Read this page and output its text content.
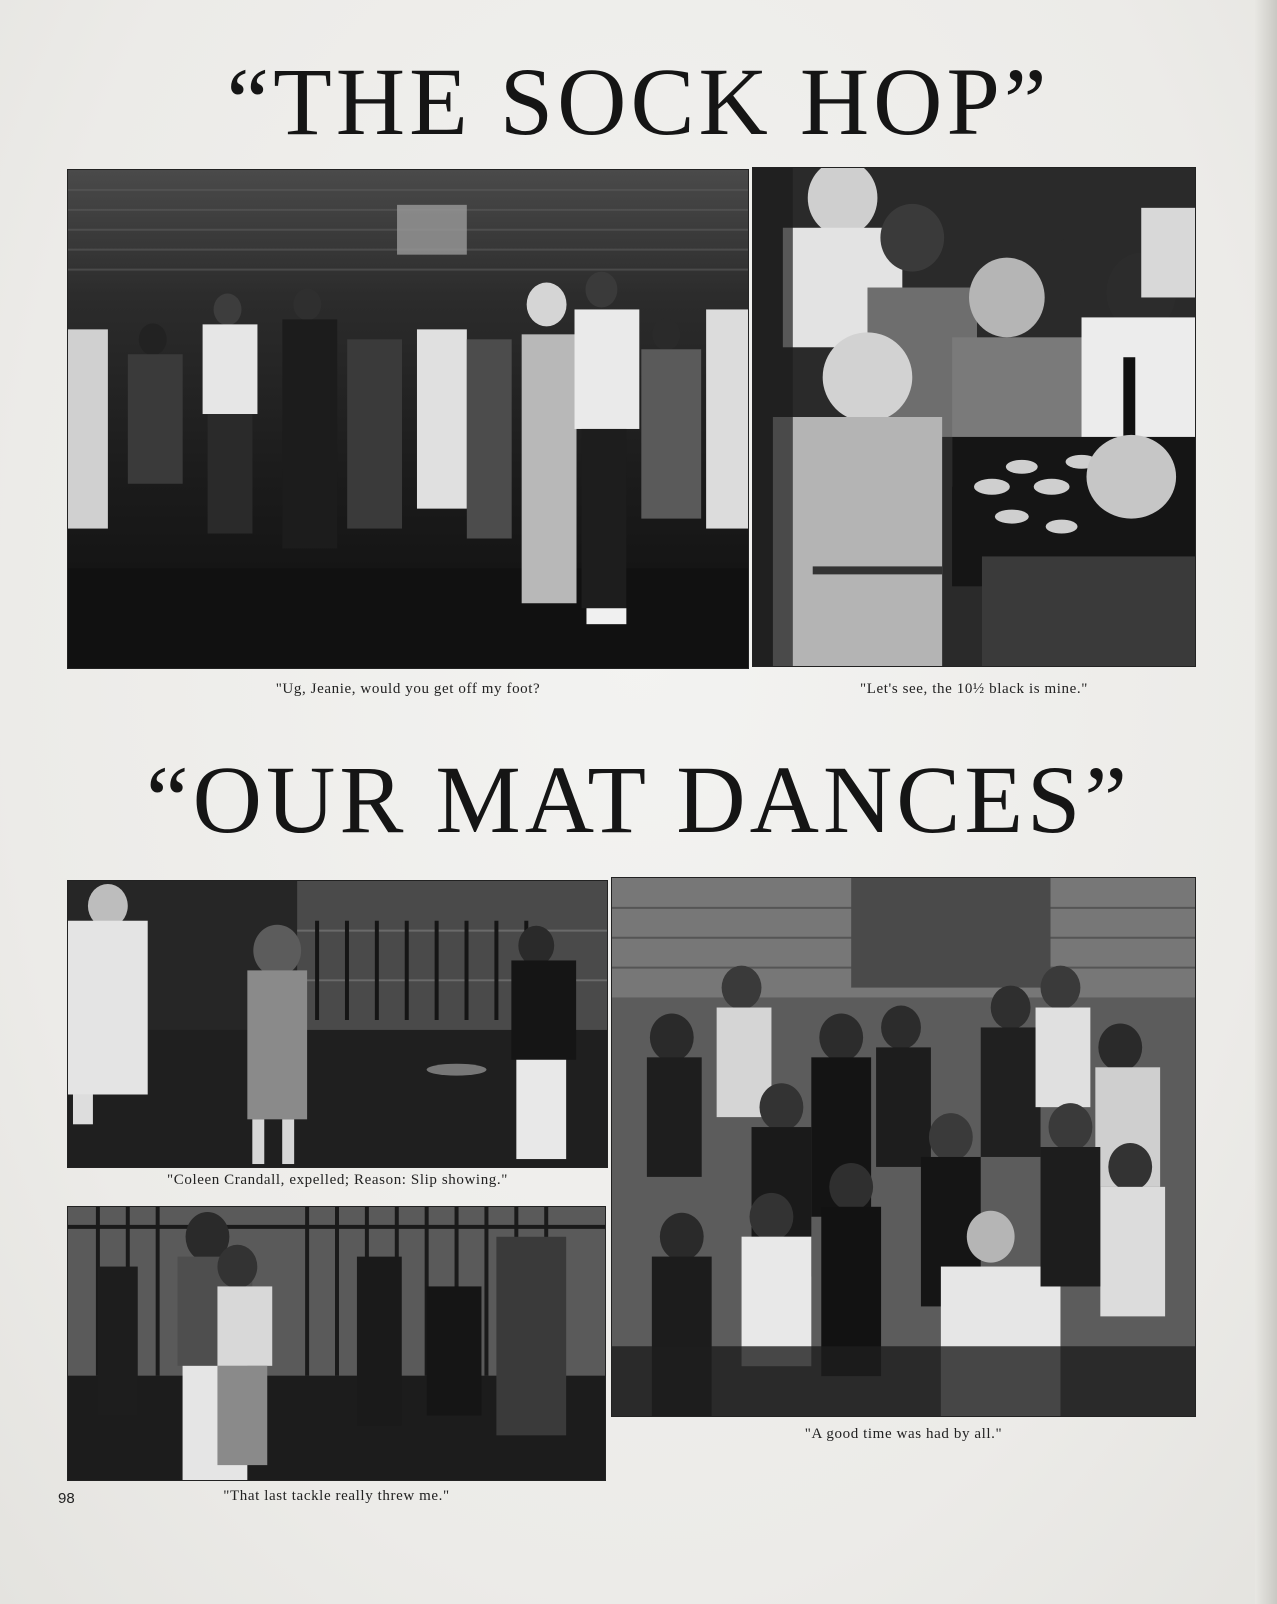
“THE SOCK HOP”
"Ug, Jeanie, would you get off my foot?	"Let's see, the 10½ black is mine."
“OUR MAT DANCES”
"Coleen Crandall, expelled; Reason: Slip showing."
"That last tackle really threw me."
"A good time was had by all."
98
